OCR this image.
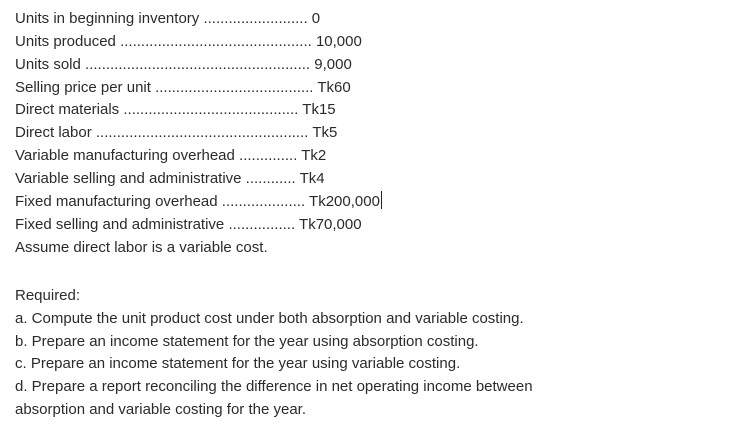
Units in beginning inventory ......................... 0
Units produced .............................................. 10,000
Units sold ...................................................... 9,000
Selling price per unit ...................................... Tk60
Direct materials .......................................... Tk15
Direct labor ................................................... Tk5
Variable manufacturing overhead .............. Tk2
Variable selling and administrative ............ Tk4
Fixed manufacturing overhead .................... Tk200,000
Fixed selling and administrative ................ Tk70,000
Assume direct labor is a variable cost.
Required:
a. Compute the unit product cost under both absorption and variable costing.
b. Prepare an income statement for the year using absorption costing.
c. Prepare an income statement for the year using variable costing.
d. Prepare a report reconciling the difference in net operating income between
absorption and variable costing for the year.
